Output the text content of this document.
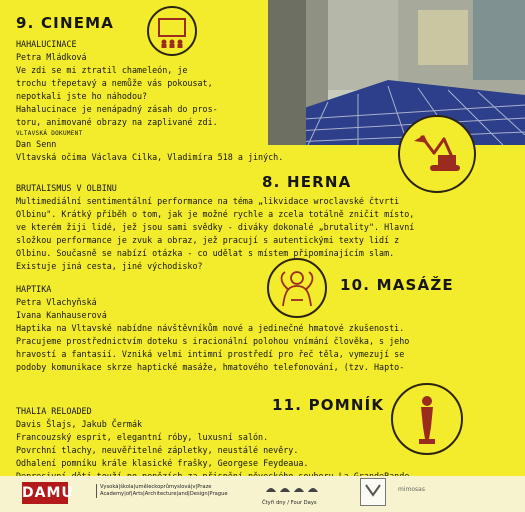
9. CINEMA
HAHALUCINACE
Petra Mládková
Ve zdi se mi ztratil chameleón, je
trochu třepetavý a nemůže vás pokousat,
nepotkali jste ho náhodou?
Hahalucinace je nenápadný zásah do pros-
toru, animované obrazy na zaplivané zdi.
VLTAVSKÁ DOKUMENT
Dan Senn
Vltavská očima Václava Cilka, Vladimíra 518 a jiných.
8. HERNA
BRUTALISMUS V OLBINU
Multimediální sentimentální performance na téma „likvidace wroclavské čtvrti
Olbinu". Krátký příběh o tom, jak je možné rychle a zcela totálně zničit místo,
ve kterém žiji lidé, jež jsou sami svědky - diváky dokonalé „brutality". Hlavní
složkou performance je zvuk a obraz, jež pracují s autentickými texty lidí z
Olbinu. Současně se nabízí otázka - co udělat s místem připomínajícím slam.
Existuje jiná cesta, jiné východisko?
10. MASÁŽE
HAPTIKA
Petra Vlachyňská
Ivana Kanhauserová
Haptika na Vltavské nabídne návštěvníkům nové a jedinečné hmatové zkušenosti.
Pracujeme prostřednictvím doteku s iracionální polohou vnímání člověka, s jeho
hravostí a fantasií. Vzniká velmi intimní prostředí pro řeč těla, vymezují se
podoby komunikace skrze haptické masáže, hmatového telefonování, (tzv. Hapto-
11. POMNÍK
THALIA RELOADED
Davis Šlajs, Jakub Čermák
Francouzský esprit, elegantní róby, luxusní salón.
Povrchní tlachy, neuvěřitelné zápletky, neustálé nevěry.
Odhalení pomníku krále klasické frašky, Georgese Feydeaua.
DAMU	Vysoká|škola|uměleckoprůmyslová|v|Praze
Academy|of|Arts|Architecture|and|Design|Prague
Čtyři dny / Four Days
mimosas
